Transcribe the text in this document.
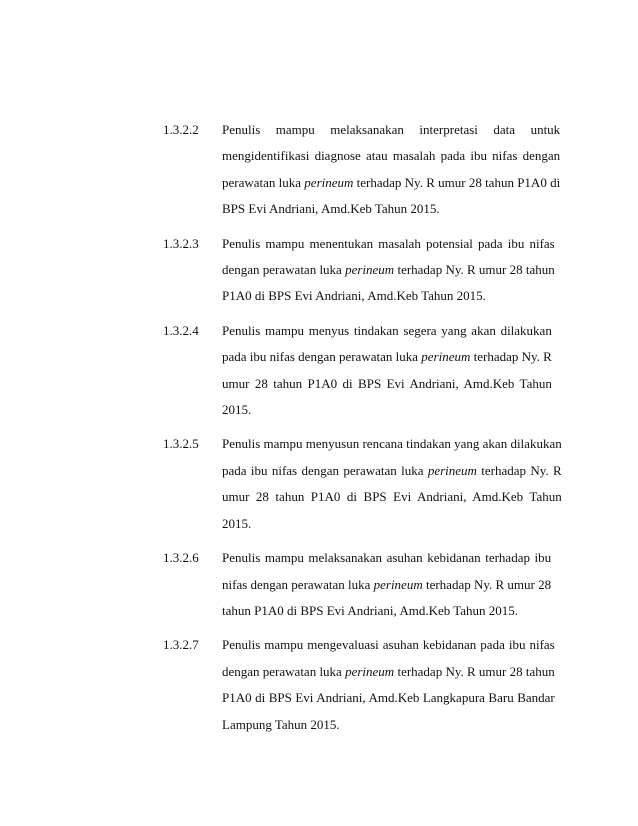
1.3.2.2	Penulis mampu melaksanakan interpretasi data untuk
mengidentifikasi diagnose atau masalah pada ibu nifas dengan
perawatan luka perineum terhadap Ny. R umur 28 tahun P1A0 di
BPS Evi Andriani, Amd.Keb Tahun 2015.
1.3.2.3	Penulis mampu menentukan masalah potensial pada ibu nifas
dengan perawatan luka perineum terhadap Ny. R umur 28 tahun
P1A0 di BPS Evi Andriani, Amd.Keb Tahun 2015.
1.3.2.4	Penulis mampu menyus tindakan segera yang akan dilakukan
pada ibu nifas dengan perawatan luka perineum terhadap Ny. R
umur 28 tahun P1A0 di BPS Evi Andriani, Amd.Keb Tahun
2015.
1.3.2.5	Penulis mampu menyusun rencana tindakan yang akan dilakukan
pada ibu nifas dengan perawatan luka perineum terhadap Ny. R
umur 28 tahun P1A0 di BPS Evi Andriani, Amd.Keb Tahun
2015.
1.3.2.6	Penulis mampu melaksanakan asuhan kebidanan terhadap ibu
nifas dengan perawatan luka perineum terhadap Ny. R umur 28
tahun P1A0 di BPS Evi Andriani, Amd.Keb Tahun 2015.
1.3.2.7	Penulis mampu mengevaluasi asuhan kebidanan pada ibu nifas
dengan perawatan luka perineum terhadap Ny. R umur 28 tahun
P1A0 di BPS Evi Andriani, Amd.Keb Langkapura Baru Bandar
Lampung Tahun 2015.
